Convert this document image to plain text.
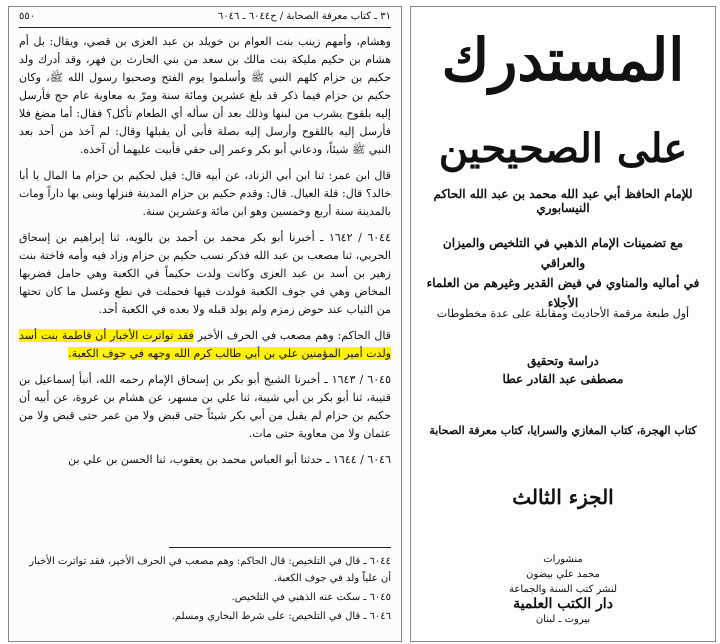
٣١ ـ كتاب معرفة الصحابة / ح٦٠٤٤ ـ ٦٠٤٦
٥٥٠

وهشام، وأمهم زينب بنت العوام بن خويلد بن عبد العزى بن قصي، ويقال: بل أم هشام بن حكيم مليكة بنت مالك بن سعد من بني الحارث بن فهر، وقد أدرك ولد حكيم بن حزام كلهم النبي ﷺ وأسلموا يوم الفتح وصحبوا رسول الله ﷺ، وكان حكيم بن حزام فيما ذكر قد بلغ عشرين ومائة سنة ومرّ به معاوية عام حج فأرسل إليه بلقوح يشرب من لبنها وذلك بعد أن سأله أي الطعام تأكل؟ فقال: أما مضغ فلا فأرسل إليه باللقوح وأرسل إليه بصلة فأبى أن يقبلها وقال: لم آخذ من أحد بعد النبي ﷺ شيئاً، ودعاني أبو بكر وعمر إلى حقي فأبيت عليهما أن آخذه.

قال ابن عمر: ثنا ابن أبي الزناد، عن أبيه قال: قيل لحكيم بن حزام ما المال يا أبا خالد؟ قال: قلة العيال. قال: وقدم حكيم بن حزام المدينة فنزلها وبنى بها داراً ومات بالمدينة سنة أربع وخمسين وهو ابن مائة وعشرين سنة.

٦٠٤٤ / ١٦٤٢ ـ أخبرنا أبو بكر محمد بن أحمد بن بالويه، ثنا إبراهيم بن إسحاق الحربي، ثنا مصعب بن عبد الله فذكر نسب حكيم بن حزام وزاد فيه وأمه فاختة بنت زهير بن أسد بن عبد العزى وكانت ولدت حكيماً في الكعبة وهي حامل فضربها المخاض وهي في جوف الكعبة فولدت فيها فحملت في نطع وغسل ما كان تحتها من الثياب عند حوض زمزم ولم يولد قبله ولا بعده في الكعبة أحد.

قال الحاكم: وهم مصعب في الحرف الأخير فقد تواترت الأخبار أن فاطمة بنت أسد ولدت أمير المؤمنين علي بن أبي طالب كرم الله وجهه في جوف الكعبة.

٦٠٤٥ / ١٦٤٣ ـ أخبرنا الشيخ أبو بكر بن إسحاق الإمام رحمه الله، أنبأ إسماعيل بن قتيبة، ثنا أبو بكر بن أبي شيبة، ثنا علي بن مسهر، عن هشام بن عروة، عن أبيه أن حكيم بن حزام لم يقبل من أبي بكر شيئاً حتى قبض ولا من عمر حتى قبض ولا من عثمان ولا من معاوية حتى مات.

٦٠٤٦ / ١٦٤٤ ـ حدثنا أبو العباس محمد بن يعقوب، ثنا الحسن بن علي بن

٦٠٤٤ ـ قال في التلخيص: قال الحاكم: وهم مصعب في الحرف الأخير، فقد تواترت الأخبار أن علياً ولد في جوف الكعبة.
٦٠٤٥ ـ سكت عنه الذهبي في التلخيص.
٦٠٤٦ ـ قال في التلخيص: على شرط البخاري ومسلم.
المستدرك
على الصحيحين
للإمام الحافظ أبي عبد الله محمد بن عبد الله الحاكم النيسابوري
مع تضمينات الإمام الذهبي في التلخيص والميزان والعراقي
في أماليه والمناوي في فيض القدير وغيرهم من العلماء الأجلاء
أول طبعة مرقمة الأحاديث ومقابلة على عدة مخطوطات
دراسة وتحقيق
مصطفى عبد القادر عطا
كتاب الهجرة، كتاب المغازي والسرايا، كتاب معرفة الصحابة
الجزء الثالث
منشورات
محمد علي بيضون
لنشر كتب السنة والجماعة
دار الكتب العلمية
بيروت ـ لبنان
